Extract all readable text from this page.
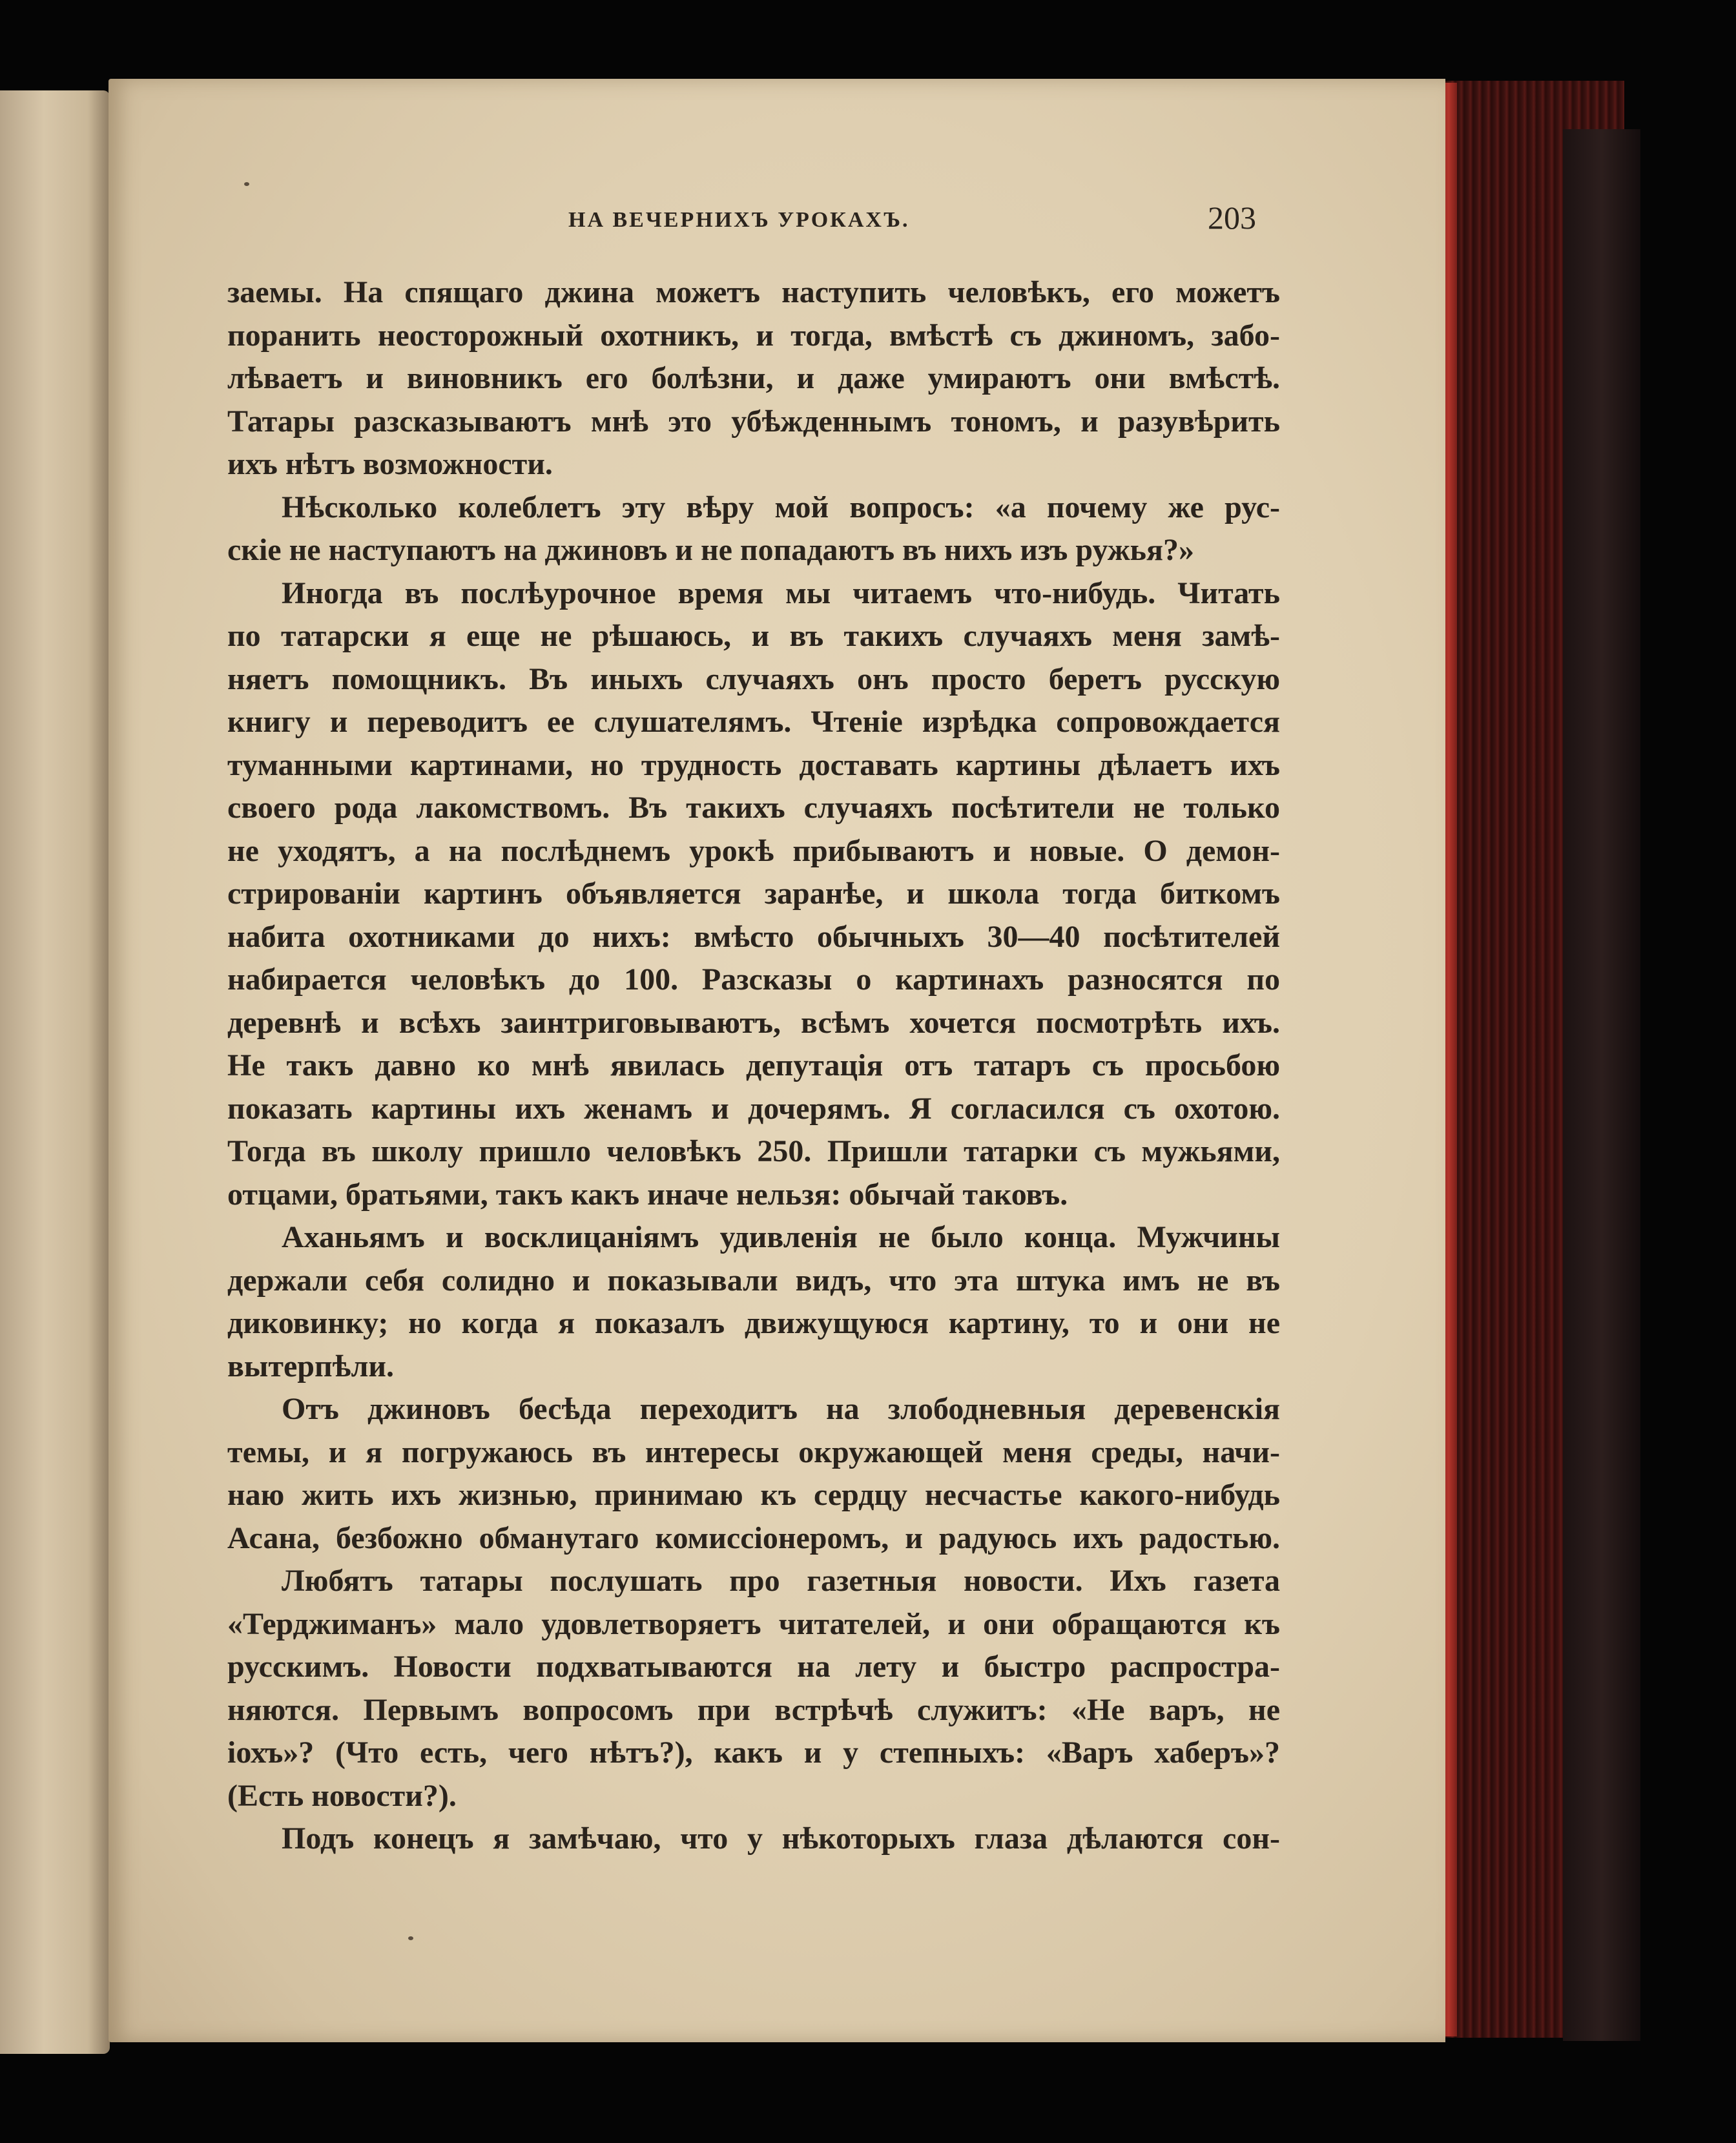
НА ВЕЧЕРНИХЪ УРОКАХЪ.	203
заемы. На спящаго джина можетъ наступить человѣкъ, его можетъ
поранить неосторожный охотникъ, и тогда, вмѣстѣ съ джиномъ, забо-
лѣваетъ и виновникъ его болѣзни, и даже умираютъ они вмѣстѣ.
Татары разсказываютъ мнѣ это убѣжденнымъ тономъ, и разувѣрить
ихъ нѣтъ возможности.
Нѣсколько колеблетъ эту вѣру мой вопросъ: «а почему же рус-
скіе не наступаютъ на джиновъ и не попадаютъ въ нихъ изъ ружья?»
Иногда въ послѣурочное время мы читаемъ что-нибудь. Читать
по татарски я еще не рѣшаюсь, и въ такихъ случаяхъ меня замѣ-
няетъ помощникъ. Въ иныхъ случаяхъ онъ просто беретъ русскую
книгу и переводитъ ее слушателямъ. Чтеніе изрѣдка сопровождается
туманными картинами, но трудность доставать картины дѣлаетъ ихъ
своего рода лакомствомъ. Въ такихъ случаяхъ посѣтители не только
не уходятъ, а на послѣднемъ урокѣ прибываютъ и новые. О демон-
стрированіи картинъ объявляется заранѣе, и школа тогда биткомъ
набита охотниками до нихъ: вмѣсто обычныхъ 30—40 посѣтителей
набирается человѣкъ до 100. Разсказы о картинахъ разносятся по
деревнѣ и всѣхъ заинтриговываютъ, всѣмъ хочется посмотрѣть ихъ.
Не такъ давно ко мнѣ явилась депутація отъ татаръ съ просьбою
показать картины ихъ женамъ и дочерямъ. Я согласился съ охотою.
Тогда въ школу пришло человѣкъ 250. Пришли татарки съ мужьями,
отцами, братьями, такъ какъ иначе нельзя: обычай таковъ.
Аханьямъ и восклицаніямъ удивленія не было конца. Мужчины
держали себя солидно и показывали видъ, что эта штука имъ не въ
диковинку; но когда я показалъ движущуюся картину, то и они не
вытерпѣли.
Отъ джиновъ бесѣда переходитъ на злободневныя деревенскія
темы, и я погружаюсь въ интересы окружающей меня среды, начи-
наю жить ихъ жизнью, принимаю къ сердцу несчастье какого-нибудь
Асана, безбожно обманутаго комиссіонеромъ, и радуюсь ихъ радостью.
Любятъ татары послушать про газетныя новости. Ихъ газета
«Терджиманъ» мало удовлетворяетъ читателей, и они обращаются къ
русскимъ. Новости подхватываются на лету и быстро распростра-
няются. Первымъ вопросомъ при встрѣчѣ служитъ: «Не варъ, не
іохъ»? (Что есть, чего нѣтъ?), какъ и у степныхъ: «Варъ хаберъ»?
(Есть новости?).
Подъ конецъ я замѣчаю, что у нѣкоторыхъ глаза дѣлаются сон-
